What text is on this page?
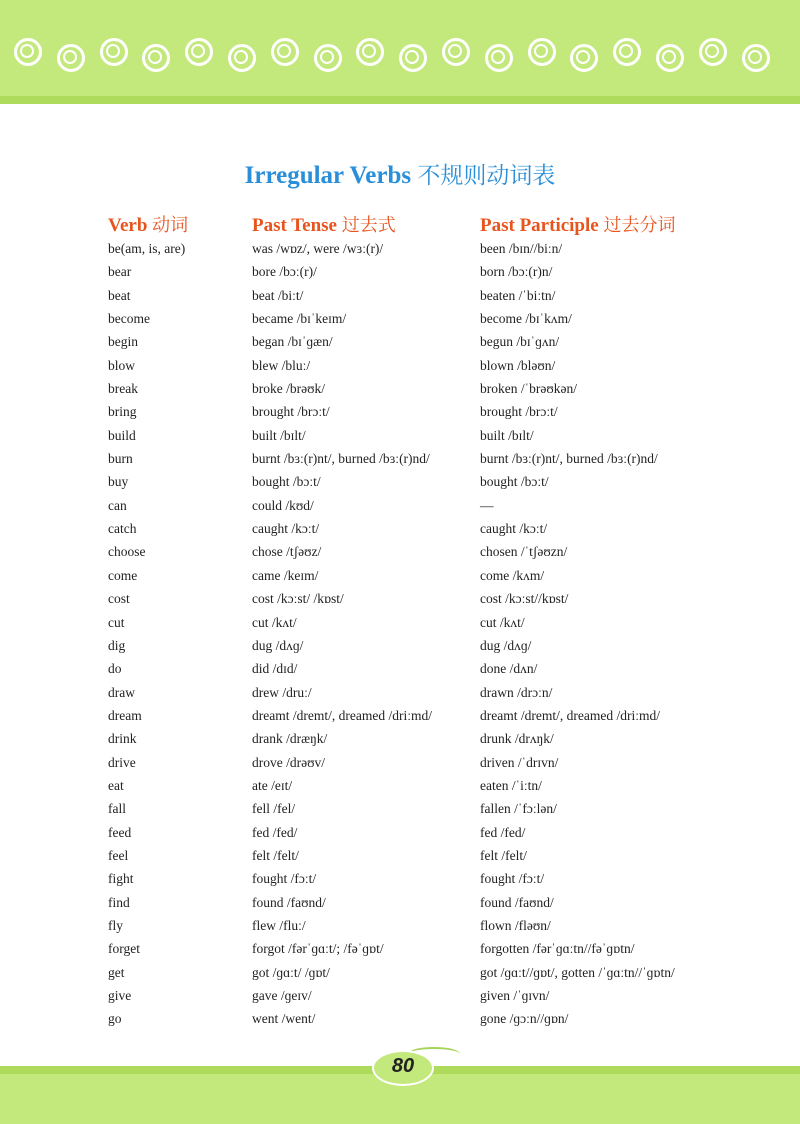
Irregular Verbs 不规则动词表
Verb 动词	Past Tense 过去式	Past Participle 过去分词
be(am, is, are)	was /wɒz/, were /wɜː(r)/	been /bɪn//biːn/
bear	bore /bɔː(r)/	born /bɔː(r)n/
beat	beat /biːt/	beaten /ˈbiːtn/
become	became /bɪˈkeɪm/	become /bɪˈkʌm/
begin	began /bɪˈɡæn/	begun /bɪˈɡʌn/
blow	blew /bluː/	blown /bləʊn/
break	broke /brəʊk/	broken /ˈbrəʊkən/
bring	brought /brɔːt/	brought /brɔːt/
build	built /bɪlt/	built /bɪlt/
burn	burnt /bɜː(r)nt/, burned /bɜː(r)nd/	burnt /bɜː(r)nt/, burned /bɜː(r)nd/
buy	bought /bɔːt/	bought /bɔːt/
can	could /kʊd/	—
catch	caught /kɔːt/	caught /kɔːt/
choose	chose /tʃəʊz/	chosen /ˈtʃəʊzn/
come	came /keɪm/	come /kʌm/
cost	cost /kɔːst/ /kɒst/	cost /kɔːst//kɒst/
cut	cut /kʌt/	cut /kʌt/
dig	dug /dʌɡ/	dug /dʌɡ/
do	did /dɪd/	done /dʌn/
draw	drew /druː/	drawn /drɔːn/
dream	dreamt /dremt/, dreamed /driːmd/	dreamt /dremt/, dreamed /driːmd/
drink	drank /dræŋk/	drunk /drʌŋk/
drive	drove /drəʊv/	driven /ˈdrɪvn/
eat	ate /eɪt/	eaten /ˈiːtn/
fall	fell /fel/	fallen /ˈfɔːlən/
feed	fed /fed/	fed /fed/
feel	felt /felt/	felt /felt/
fight	fought /fɔːt/	fought /fɔːt/
find	found /faʊnd/	found /faʊnd/
fly	flew /fluː/	flown /fləʊn/
forget	forgot /fərˈɡɑːt/; /fəˈɡɒt/	forgotten /fərˈɡɑːtn//fəˈɡɒtn/
get	got /ɡɑːt/ /ɡɒt/	got /ɡɑːt//ɡɒt/, gotten /ˈɡɑːtn//ˈɡɒtn/
give	gave /ɡeɪv/	given /ˈɡɪvn/
go	went /went/	gone /ɡɔːn//ɡɒn/
80
